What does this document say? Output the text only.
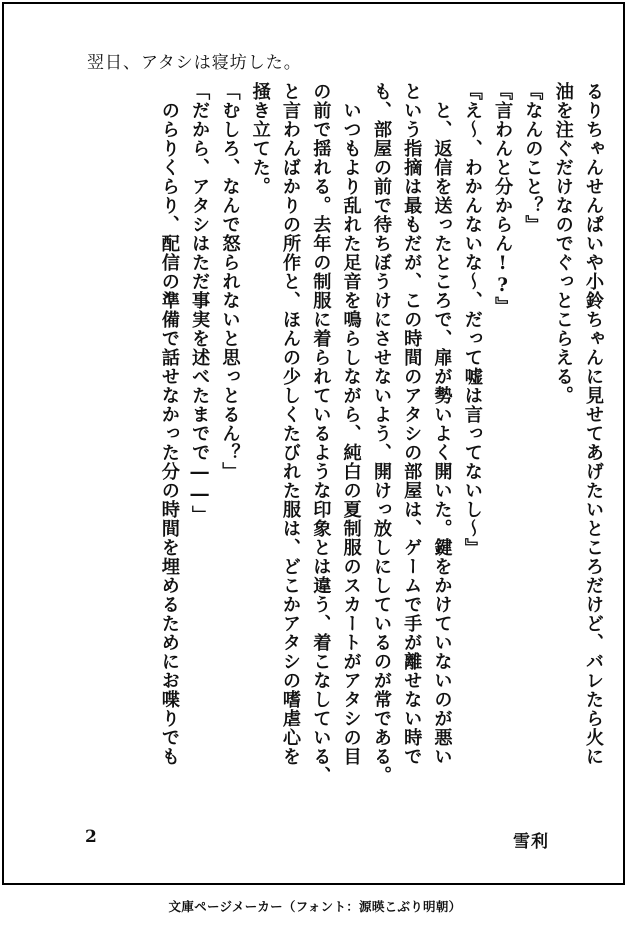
翌日、アタシは寝坊した。
るりちゃんせんぱいや小鈴ちゃんに見せてあげたいところだけど、バレたら火に
油を注ぐだけなのでぐっとこらえる。
『なんのこと？』
『言わんと分からん!?』
『え〜、わかんないな〜、だって嘘は言ってないし〜』
　と、返信を送ったところで、扉が勢いよく開いた。鍵をかけていないのが悪い
という指摘は最もだが、この時間のアタシの部屋は、ゲームで手が離せない時で
も、部屋の前で待ちぼうけにさせないよう、開けっ放しにしているのが常である。
　いつもより乱れた足音を鳴らしながら、純白の夏制服のスカートがアタシの目
の前で揺れる。去年の制服に着られているような印象とは違う、着こなしている、
と言わんばかりの所作と、ほんの少しくたびれた服は、どこかアタシの嗜虐心を
掻き立てた。
「むしろ、なんで怒られないと思っとるん？」
「だから、アタシはただ事実を述べたまでで――」
　のらりくらり、配信の準備で話せなかった分の時間を埋めるためにお喋りでも
2	雪利
文庫ページメーカー（フォント：源暎こぶり明朝）
